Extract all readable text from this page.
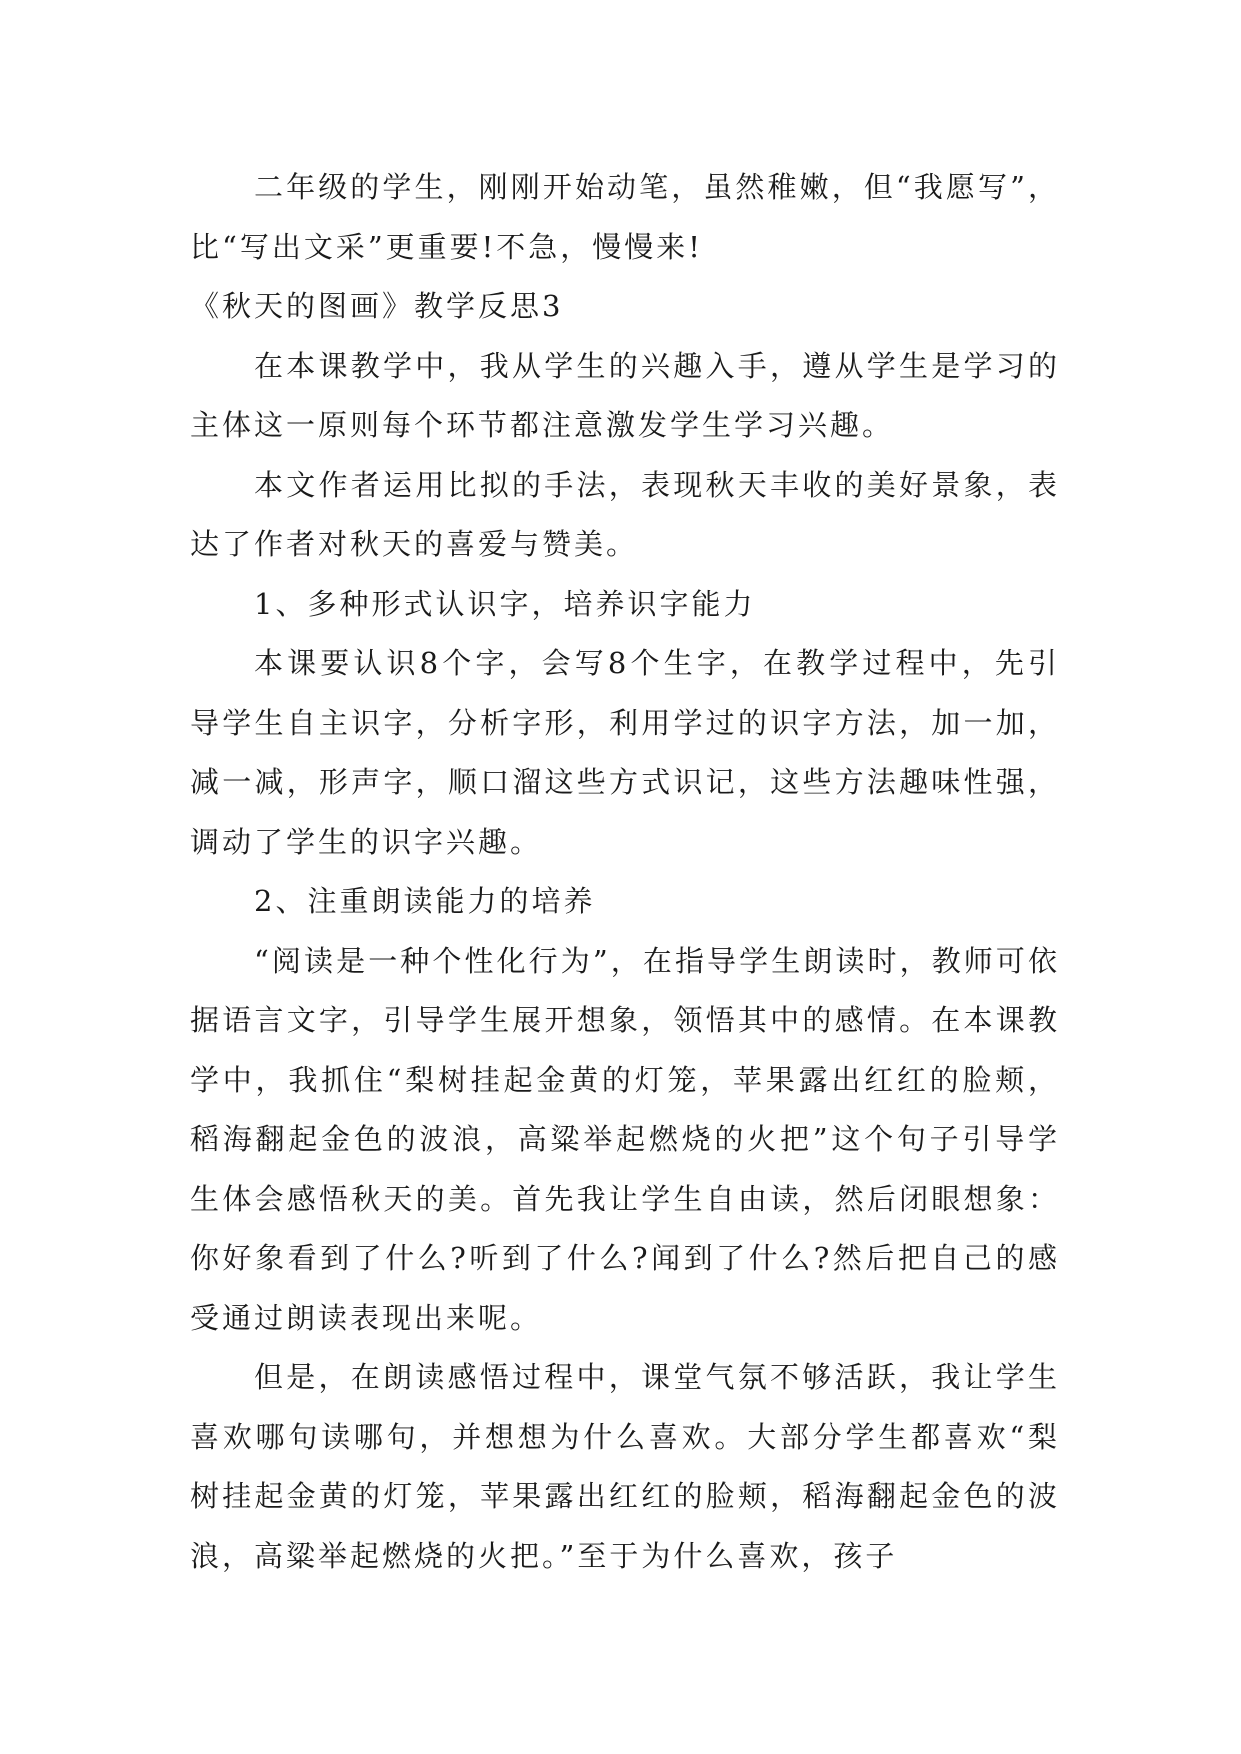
二年级的学生，刚刚开始动笔，虽然稚嫩，但“我愿写”，比“写出文采”更重要!不急，慢慢来!

《秋天的图画》教学反思3

在本课教学中，我从学生的兴趣入手，遵从学生是学习的主体这一原则每个环节都注意激发学生学习兴趣。

本文作者运用比拟的手法，表现秋天丰收的美好景象，表达了作者对秋天的喜爱与赞美。

1、多种形式认识字，培养识字能力

本课要认识8个字，会写8个生字，在教学过程中，先引导学生自主识字，分析字形，利用学过的识字方法，加一加，减一减，形声字，顺口溜这些方式识记，这些方法趣味性强，调动了学生的识字兴趣。

2、注重朗读能力的培养

“阅读是一种个性化行为”，在指导学生朗读时，教师可依据语言文字，引导学生展开想象，领悟其中的感情。在本课教学中，我抓住“梨树挂起金黄的灯笼，苹果露出红红的脸颊，稻海翻起金色的波浪，高粱举起燃烧的火把”这个句子引导学生体会感悟秋天的美。首先我让学生自由读，然后闭眼想象：你好象看到了什么?听到了什么?闻到了什么?然后把自己的感受通过朗读表现出来呢。

但是，在朗读感悟过程中，课堂气氛不够活跃，我让学生喜欢哪句读哪句，并想想为什么喜欢。大部分学生都喜欢“梨树挂起金黄的灯笼，苹果露出红红的脸颊，稻海翻起金色的波浪，高粱举起燃烧的火把。”至于为什么喜欢，孩子
